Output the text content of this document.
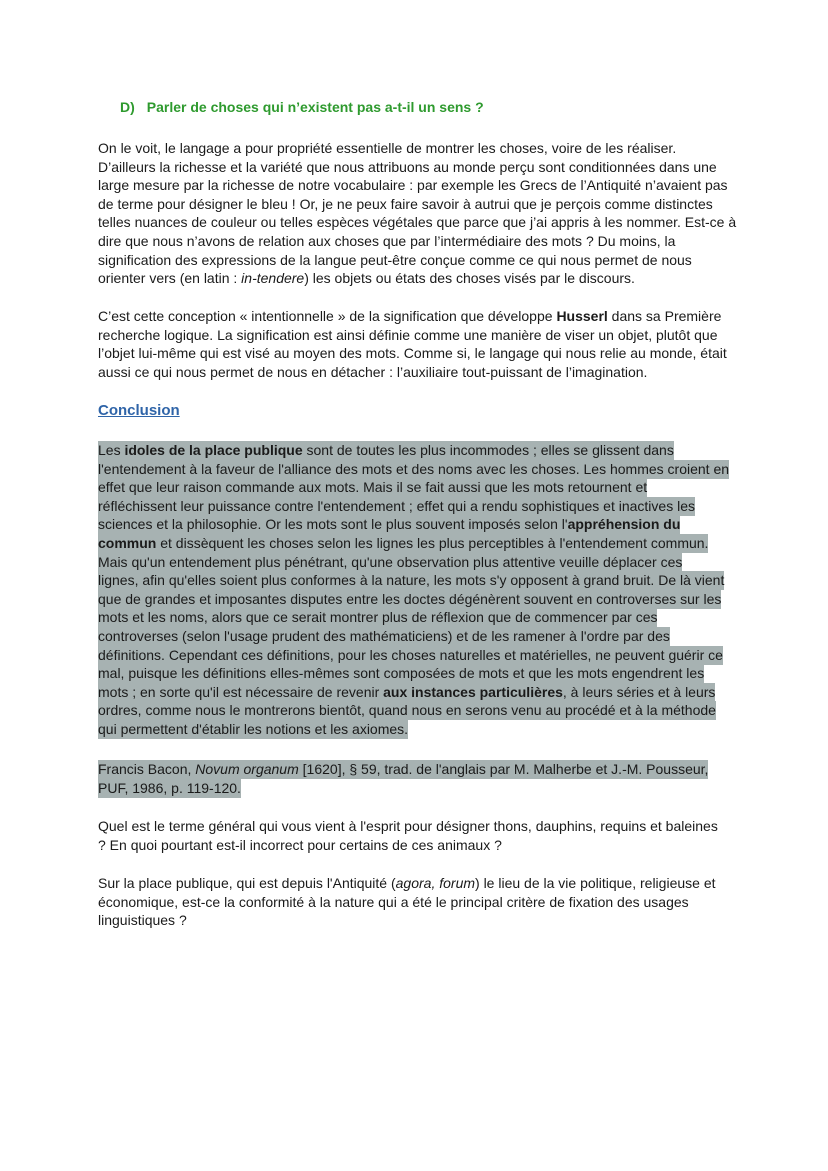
D) Parler de choses qui n’existent pas a-t-il un sens ?
On le voit, le langage a pour propriété essentielle de montrer les choses, voire de les réaliser.
D’ailleurs la richesse et la variété que nous attribuons au monde perçu sont conditionnées dans une
large mesure par la richesse de notre vocabulaire : par exemple les Grecs de l’Antiquité n’avaient pas
de terme pour désigner le bleu ! Or, je ne peux faire savoir à autrui que je perçois comme distinctes
telles nuances de couleur ou telles espèces végétales que parce que j’ai appris à les nommer. Est-ce à
dire que nous n’avons de relation aux choses que par l’intermédiaire des mots ? Du moins, la
signification des expressions de la langue peut-être conçue comme ce qui nous permet de nous
orienter vers (en latin : in-tendere) les objets ou états des choses visés par le discours.
C’est cette conception « intentionnelle » de la signification que développe Husserl dans sa Première
recherche logique. La signification est ainsi définie comme une manière de viser un objet, plutôt que
l’objet lui-même qui est visé au moyen des mots. Comme si, le langage qui nous relie au monde, était
aussi ce qui nous permet de nous en détacher : l’auxiliaire tout-puissant de l’imagination.
Conclusion
Les idoles de la place publique sont de toutes les plus incommodes ; elles se glissent dans
l'entendement à la faveur de l'alliance des mots et des noms avec les choses. Les hommes croient en
effet que leur raison commande aux mots. Mais il se fait aussi que les mots retournent et
réfléchissent leur puissance contre l'entendement ; effet qui a rendu sophistiques et inactives les
sciences et la philosophie. Or les mots sont le plus souvent imposés selon l'appréhension du
commun et dissèquent les choses selon les lignes les plus perceptibles à l'entendement commun.
Mais qu'un entendement plus pénétrant, qu'une observation plus attentive veuille déplacer ces
lignes, afin qu'elles soient plus conformes à la nature, les mots s'y opposent à grand bruit. De là vient
que de grandes et imposantes disputes entre les doctes dégénèrent souvent en controverses sur les
mots et les noms, alors que ce serait montrer plus de réflexion que de commencer par ces
controverses (selon l'usage prudent des mathématiciens) et de les ramener à l'ordre par des
définitions. Cependant ces définitions, pour les choses naturelles et matérielles, ne peuvent guérir ce
mal, puisque les définitions elles-mêmes sont composées de mots et que les mots engendrent les
mots ; en sorte qu'il est nécessaire de revenir aux instances particulières, à leurs séries et à leurs
ordres, comme nous le montrerons bientôt, quand nous en serons venu au procédé et à la méthode
qui permettent d'établir les notions et les axiomes.
Francis Bacon, Novum organum [1620], § 59, trad. de l'anglais par M. Malherbe et J.-M. Pousseur,
PUF, 1986, p. 119-120.
Quel est le terme général qui vous vient à l'esprit pour désigner thons, dauphins, requins et baleines
? En quoi pourtant est-il incorrect pour certains de ces animaux ?
Sur la place publique, qui est depuis l'Antiquité (agora, forum) le lieu de la vie politique, religieuse et
économique, est-ce la conformité à la nature qui a été le principal critère de fixation des usages
linguistiques ?
